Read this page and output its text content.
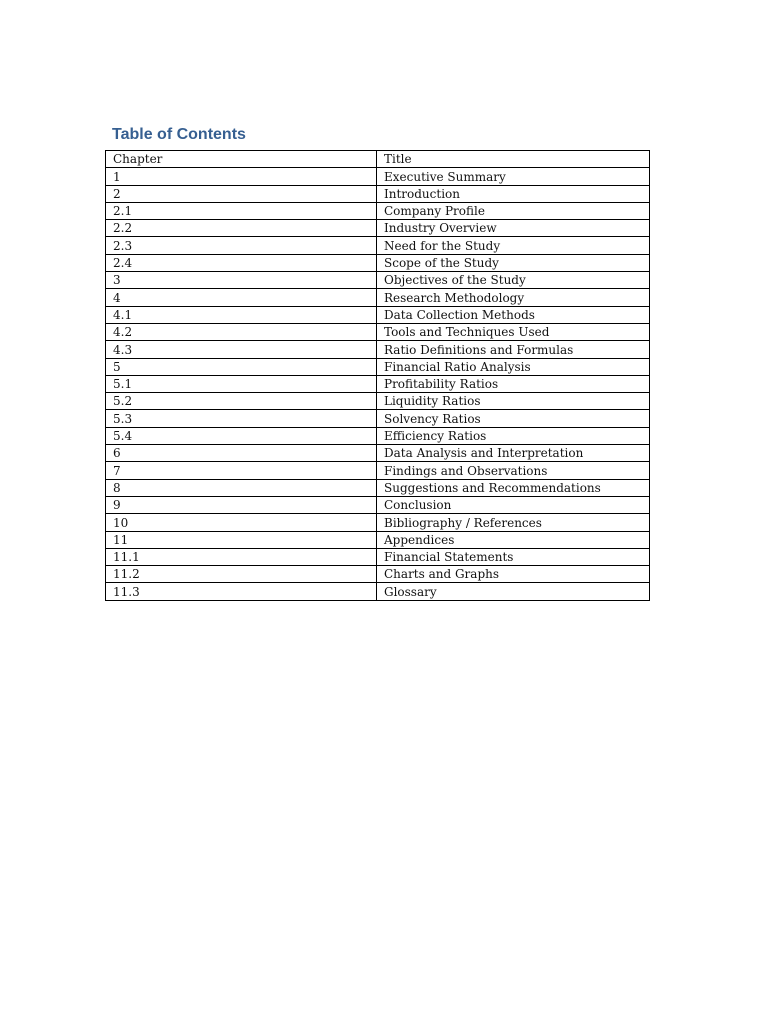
Table of Contents
Chapter	Title
1	Executive Summary
2	Introduction
2.1	Company Profile
2.2	Industry Overview
2.3	Need for the Study
2.4	Scope of the Study
3	Objectives of the Study
4	Research Methodology
4.1	Data Collection Methods
4.2	Tools and Techniques Used
4.3	Ratio Definitions and Formulas
5	Financial Ratio Analysis
5.1	Profitability Ratios
5.2	Liquidity Ratios
5.3	Solvency Ratios
5.4	Efficiency Ratios
6	Data Analysis and Interpretation
7	Findings and Observations
8	Suggestions and Recommendations
9	Conclusion
10	Bibliography / References
11	Appendices
11.1	Financial Statements
11.2	Charts and Graphs
11.3	Glossary
